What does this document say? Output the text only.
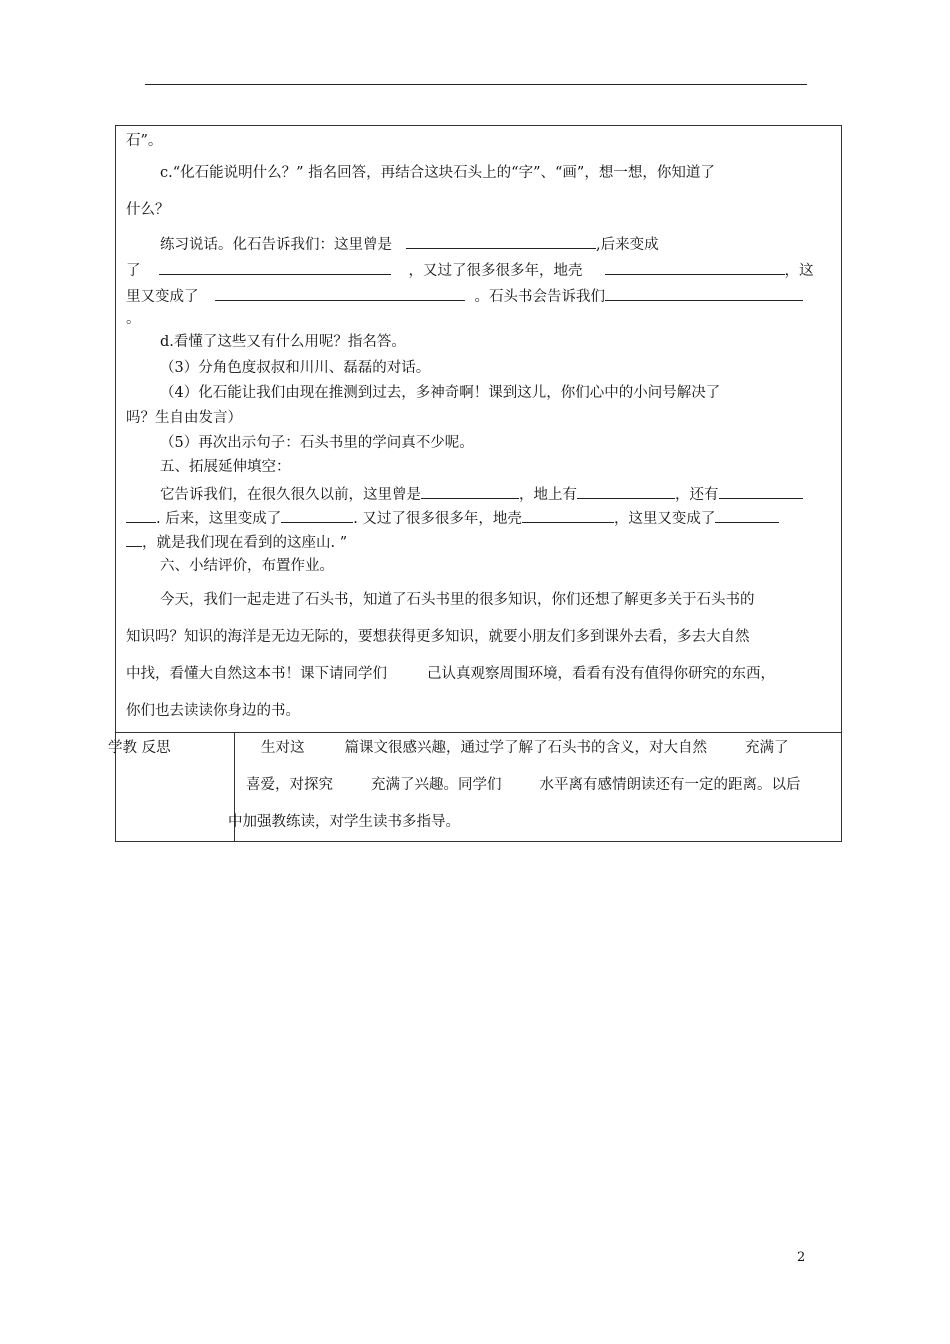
石”。
c.“化石能说明什么？” 指名回答，再结合这块石头上的“字”、“画”，想一想，你知道了
什么？
练习说话。化石告诉我们：这里曾是	,后来变成
了	，又过了很多很多年，地壳	，这
里又变成了	。石头书会告诉我们
。
d.看懂了这些又有什么用呢？指名答。
（3）分角色度叔叔和川川、磊磊的对话。
（4）化石能让我们由现在推测到过去，多神奇啊！课到这儿，你们心中的小问号解决了
吗？生自由发言）
（5）再次出示句子：石头书里的学问真不少呢。
五、拓展延伸填空：
它告诉我们，在很久很久以前，这里曾是	，地上有	，还有
. 后来，这里变成了	. 又过了很多很多年，地壳	，这里又变成了
，就是我们现在看到的这座山. ”
六、小结评价，布置作业。
今天，我们一起走进了石头书，知道了石头书里的很多知识，你们还想了解更多关于石头书的
知识吗？知识的海洋是无边无际的，要想获得更多知识，就要小朋友们多到课外去看，多去大自然
中找，看懂大自然这本书！课下请同学们	己认真观察周围环境，看看有没有值得你研究的东西，
你们也去读读你身边的书。
学教 反思	生对这	篇课文很感兴趣，通过学了解了石头书的含义，对大自然	充满了
喜爱，对探究	充满了兴趣。同学们	水平离有感情朗读还有一定的距离。以后
中加强教练读，对学生读书多指导。
2
